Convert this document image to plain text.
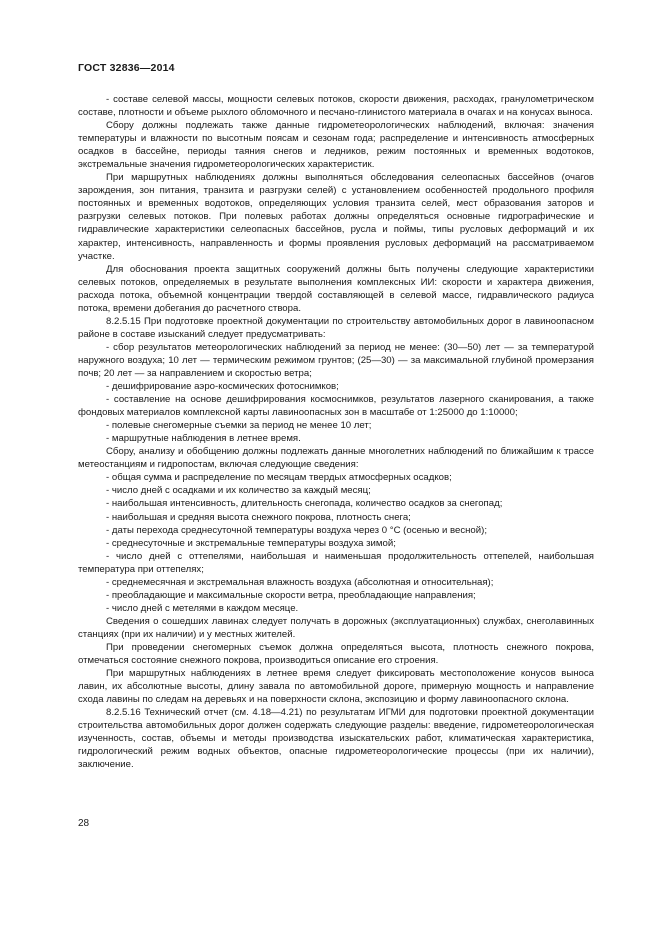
ГОСТ 32836—2014

- составе селевой массы, мощности селевых потоков, скорости движения, расходах, гранулометрическом составе, плотности и объеме рыхлого обломочного и песчано-глинистого материала в очагах и на конусах выноса.

Сбору должны подлежать также данные гидрометеорологических наблюдений, включая: значения температуры и влажности по высотным поясам и сезонам года; распределение и интенсивность атмосферных осадков в бассейне, периоды таяния снегов и ледников, режим постоянных и временных водотоков, экстремальные значения гидрометеорологических характеристик.

При маршрутных наблюдениях должны выполняться обследования селеопасных бассейнов (очагов зарождения, зон питания, транзита и разгрузки селей) с установлением особенностей продольного профиля постоянных и временных водотоков, определяющих условия транзита селей, мест образования заторов и разгрузки селевых потоков. При полевых работах должны определяться основные гидрографические и гидравлические характеристики селеопасных бассейнов, русла и поймы, типы русловых деформаций и их характер, интенсивность, направленность и формы проявления русловых деформаций на рассматриваемом участке.

Для обоснования проекта защитных сооружений должны быть получены следующие характеристики селевых потоков, определяемых в результате выполнения комплексных ИИ: скорости и характера движения, расхода потока, объемной концентрации твердой составляющей в селевой массе, гидравлического радиуса потока, времени добегания до расчетного створа.

8.2.5.15 При подготовке проектной документации по строительству автомобильных дорог в лавиноопасном районе в составе изысканий следует предусматривать:

- сбор результатов метеорологических наблюдений за период не менее: (30—50) лет — за температурой наружного воздуха; 10 лет — термическим режимом грунтов; (25—30) — за максимальной глубиной промерзания почв; 20 лет — за направлением и скоростью ветра;

- дешифрирование аэро-космических фотоснимков;

- составление на основе дешифрирования космоснимков, результатов лазерного сканирования, а также фондовых материалов комплексной карты лавиноопасных зон в масштабе от 1:25000 до 1:10000;

- полевые снегомерные съемки за период не менее 10 лет;

- маршрутные наблюдения в летнее время.

Сбору, анализу и обобщению должны подлежать данные многолетних наблюдений по ближайшим к трассе метеостанциям и гидропостам, включая следующие сведения:

- общая сумма и распределение по месяцам твердых атмосферных осадков;

- число дней с осадками и их количество за каждый месяц;

- наибольшая интенсивность, длительность снегопада, количество осадков за снегопад;

- наибольшая и средняя высота снежного покрова, плотность снега;

- даты перехода среднесуточной температуры воздуха через 0 °С (осенью и весной);

- среднесуточные и экстремальные температуры воздуха зимой;

- число дней с оттепелями, наибольшая и наименьшая продолжительность оттепелей, наибольшая температура при оттепелях;

- среднемесячная и экстремальная влажность воздуха (абсолютная и относительная);

- преобладающие и максимальные скорости ветра, преобладающие направления;

- число дней с метелями в каждом месяце.

Сведения о сошедших лавинах следует получать в дорожных (эксплуатационных) службах, снеголавинных станциях (при их наличии) и у местных жителей.

При проведении снегомерных съемок должна определяться высота, плотность снежного покрова, отмечаться состояние снежного покрова, производиться описание его строения.

При маршрутных наблюдениях в летнее время следует фиксировать местоположение конусов выноса лавин, их абсолютные высоты, длину завала по автомобильной дороге, примерную мощность и направление схода лавины по следам на деревьях и на поверхности склона, экспозицию и форму лавиноопасного склона.

8.2.5.16 Технический отчет (см. 4.18—4.21) по результатам ИГМИ для подготовки проектной документации строительства автомобильных дорог должен содержать следующие разделы: введение, гидрометеорологическая изученность, состав, объемы и методы производства изыскательских работ, климатическая характеристика, гидрологический режим водных объектов, опасные гидрометеорологические процессы (при их наличии), заключение.

28
